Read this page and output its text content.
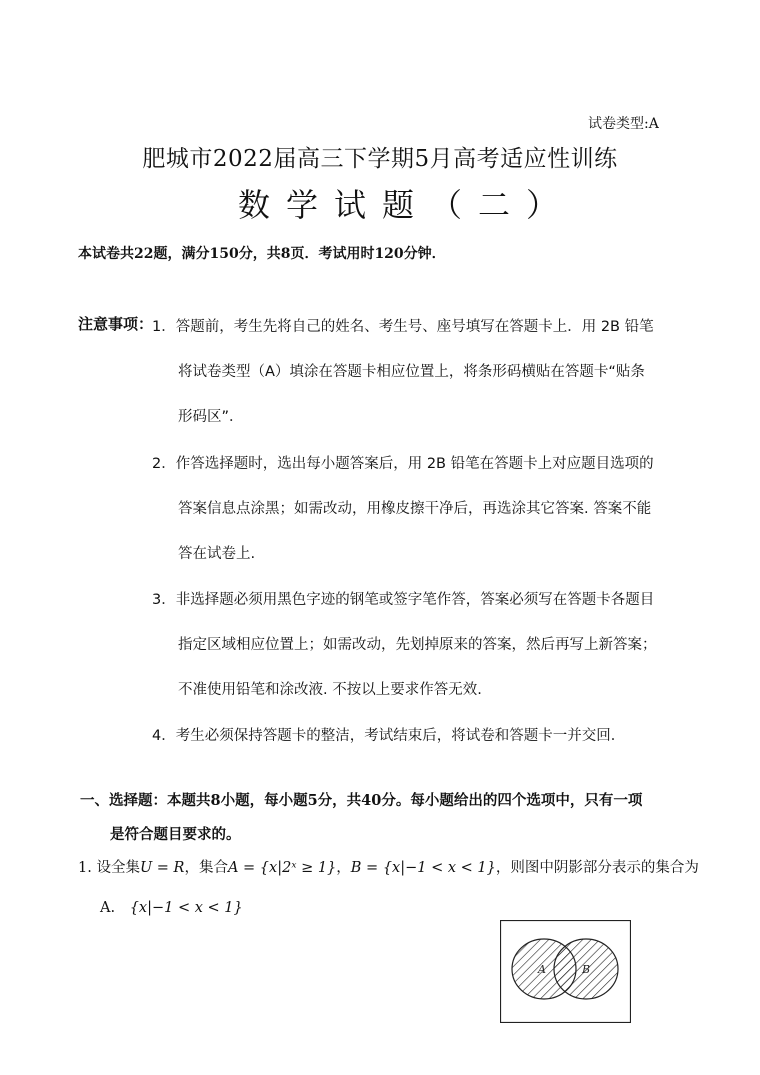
试卷类型:A
肥城市2022届高三下学期5月高考适应性训练
数学试题（二）
本试卷共22题，满分150分，共8页．考试用时120分钟．
注意事项：
1．答题前，考生先将自己的姓名、考生号、座号填写在答题卡上．用 2B 铅笔
将试卷类型（A）填涂在答题卡相应位置上，将条形码横贴在答题卡“贴条
形码区”．
2．作答选择题时，选出每小题答案后，用 2B 铅笔在答题卡上对应题目选项的
答案信息点涂黑；如需改动，用橡皮擦干净后，再选涂其它答案. 答案不能
答在试卷上.
3．非选择题必须用黑色字迹的钢笔或签字笔作答，答案必须写在答题卡各题目
指定区域相应位置上；如需改动，先划掉原来的答案，然后再写上新答案；
不准使用铅笔和涂改液. 不按以上要求作答无效.
4．考生必须保持答题卡的整洁，考试结束后，将试卷和答题卡一并交回．
一、选择题：本题共8小题，每小题5分，共40分。每小题给出的四个选项中，只有一项
是符合题目要求的。
1. 设全集U = R，集合A = {x|2ˣ ≥ 1}，B = {x|−1 < x < 1}，则图中阴影部分表示的集合为
A. {x|−1 < x < 1}
A	B
